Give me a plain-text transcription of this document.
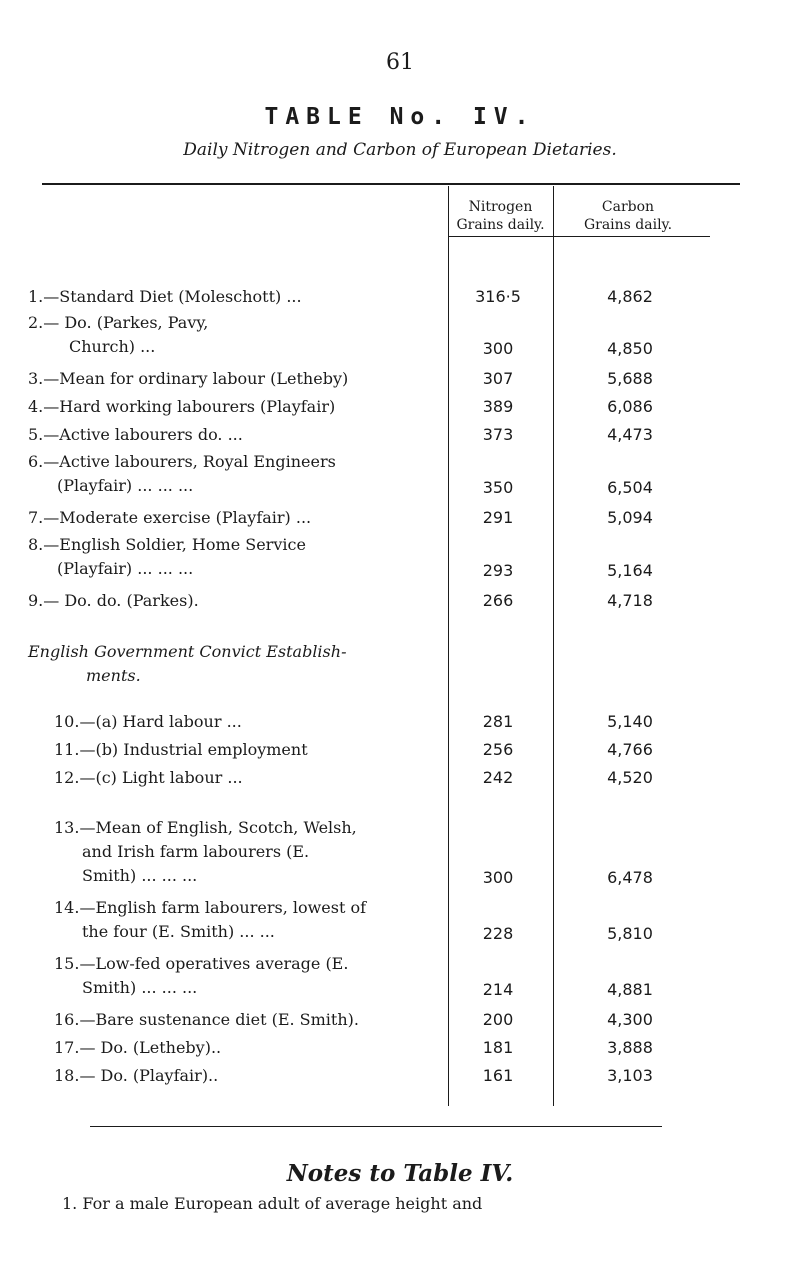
61
TABLE No. IV.
Daily Nitrogen and Carbon of European Dietaries.
Nitrogen
Grains daily.
Carbon
Grains daily.
1.—Standard Diet (Moleschott) ...	316·5	4,862
2.— Do. (Parkes, Pavy,
Church) ...	300	4,850
3.—Mean for ordinary labour (Letheby)	307	5,688
4.—Hard working labourers (Playfair)	389	6,086
5.—Active labourers do. ...	373	4,473
6.—Active labourers, Royal Engineers
(Playfair) ... ... ...	350	6,504
7.—Moderate exercise (Playfair) ...	291	5,094
8.—English Soldier, Home Service
(Playfair) ... ... ...	293	5,164
9.— Do. do. (Parkes).	266	4,718
English Government Convict Establish-
ments.
10.—(a) Hard labour ...	281	5,140
11.—(b) Industrial employment	256	4,766
12.—(c) Light labour ...	242	4,520
13.—Mean of English, Scotch, Welsh,
and Irish farm labourers (E.
Smith) ... ... ...	300	6,478
14.—English farm labourers, lowest of
the four (E. Smith) ... ...	228	5,810
15.—Low-fed operatives average (E.
Smith) ... ... ...	214	4,881
16.—Bare sustenance diet (E. Smith).	200	4,300
17.— Do. (Letheby)..	181	3,888
18.— Do. (Playfair)..	161	3,103
Notes to Table IV.
1. For a male European adult of average height and
